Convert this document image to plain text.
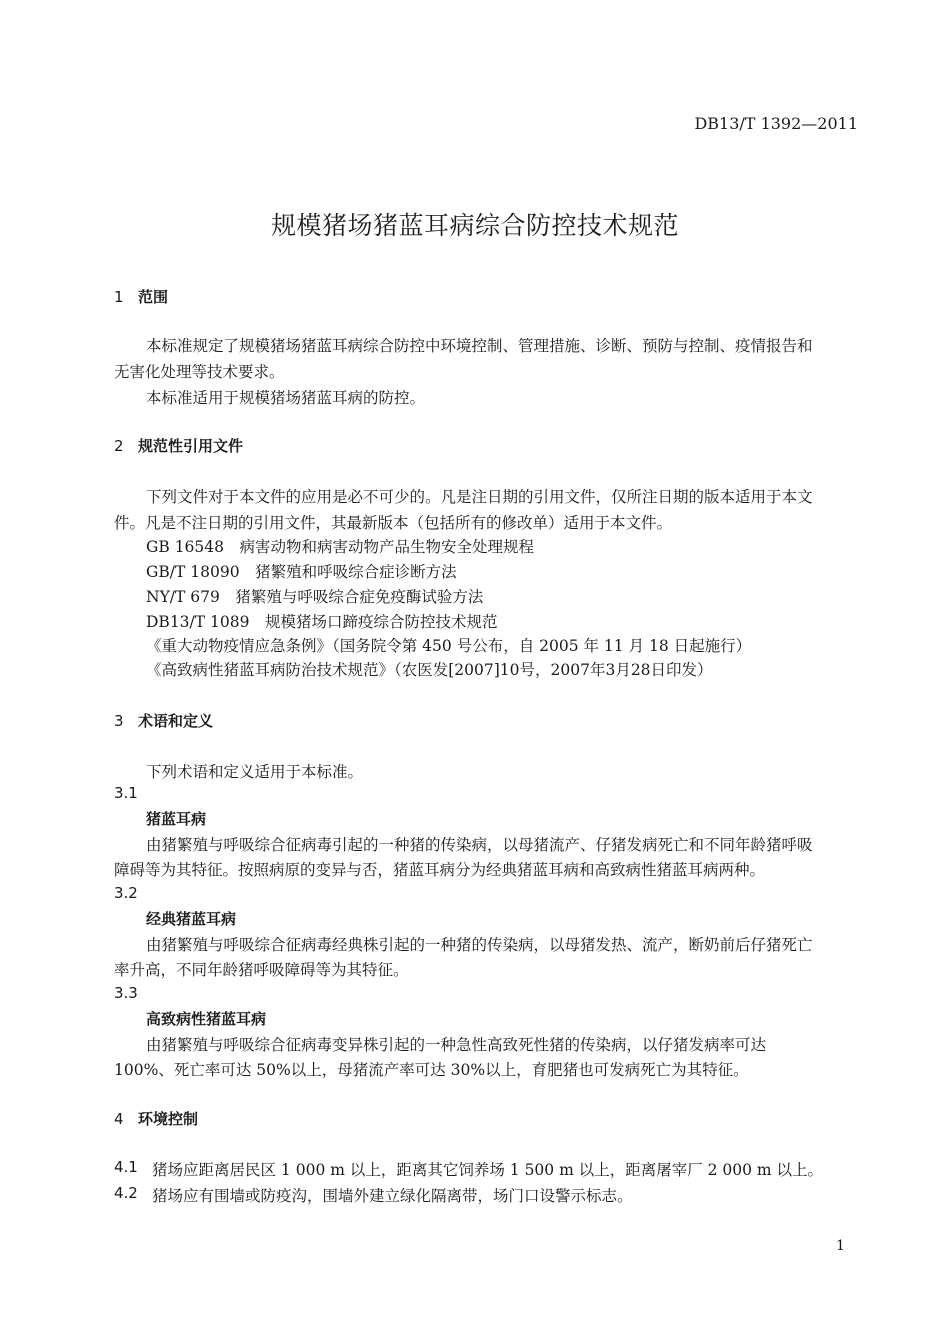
DB13/T 1392—2011
规模猪场猪蓝耳病综合防控技术规范
1 范围
本标准规定了规模猪场猪蓝耳病综合防控中环境控制、管理措施、诊断、预防与控制、疫情报告和
无害化处理等技术要求。
本标准适用于规模猪场猪蓝耳病的防控。
2 规范性引用文件
下列文件对于本文件的应用是必不可少的。凡是注日期的引用文件，仅所注日期的版本适用于本文
件。凡是不注日期的引用文件，其最新版本（包括所有的修改单）适用于本文件。
GB 16548　病害动物和病害动物产品生物安全处理规程
GB/T 18090　猪繁殖和呼吸综合症诊断方法
NY/T 679　猪繁殖与呼吸综合症免疫酶试验方法
DB13/T 1089　规模猪场口蹄疫综合防控技术规范
《重大动物疫情应急条例》（国务院令第 450 号公布，自 2005 年 11 月 18 日起施行）
《高致病性猪蓝耳病防治技术规范》（农医发[2007]10号，2007年3月28日印发）
3 术语和定义
下列术语和定义适用于本标准。
3.1
猪蓝耳病
由猪繁殖与呼吸综合征病毒引起的一种猪的传染病，以母猪流产、仔猪发病死亡和不同年龄猪呼吸
障碍等为其特征。按照病原的变异与否，猪蓝耳病分为经典猪蓝耳病和高致病性猪蓝耳病两种。
3.2
经典猪蓝耳病
由猪繁殖与呼吸综合征病毒经典株引起的一种猪的传染病，以母猪发热、流产，断奶前后仔猪死亡
率升高，不同年龄猪呼吸障碍等为其特征。
3.3
高致病性猪蓝耳病
由猪繁殖与呼吸综合征病毒变异株引起的一种急性高致死性猪的传染病，以仔猪发病率可达
100%、死亡率可达 50%以上，母猪流产率可达 30%以上，育肥猪也可发病死亡为其特征。
4 环境控制
4.1 猪场应距离居民区 1 000 m 以上，距离其它饲养场 1 500 m 以上，距离屠宰厂 2 000 m 以上。
4.2 猪场应有围墙或防疫沟，围墙外建立绿化隔离带，场门口设警示标志。
1
